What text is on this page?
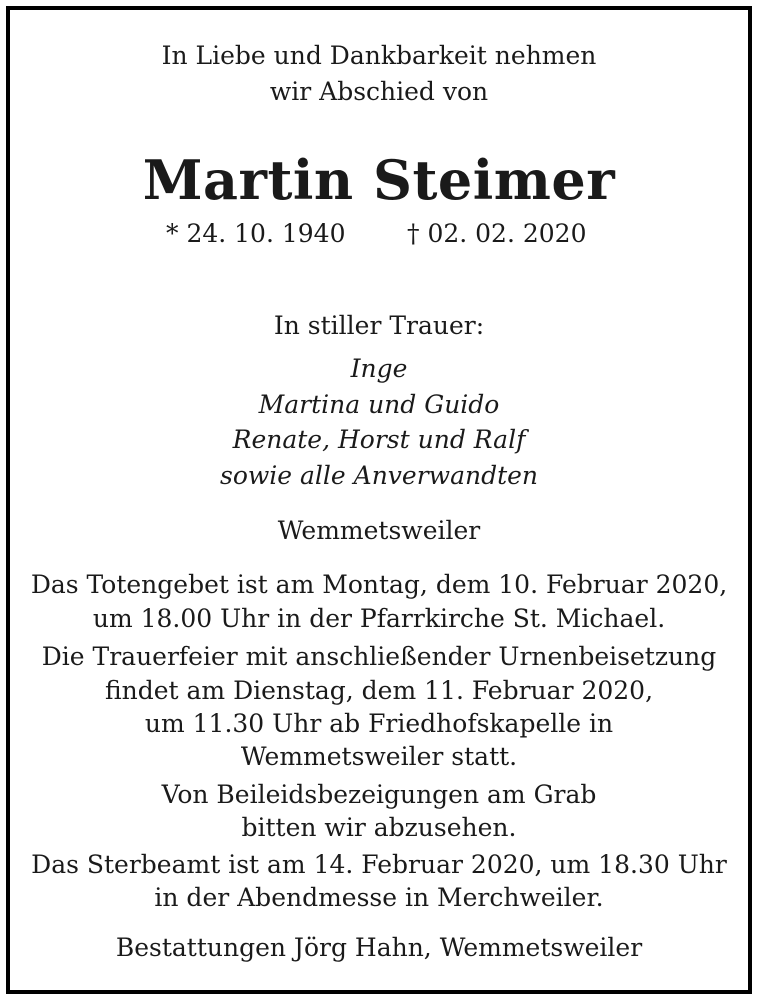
In Liebe und Dankbarkeit nehmen

wir Abschied von

Martin Steimer
* 24. 10. 1940 † 02. 02. 2020

In stiller Trauer:

Inge

Martina und Guido

Renate, Horst und Ralf

sowie alle Anverwandten

Wemmetsweiler

Das Totengebet ist am Montag, dem 10. Februar 2020,

um 18.00 Uhr in der Pfarrkirche St. Michael.

Die Trauerfeier mit anschließender Urnenbeisetzung

findet am Dienstag, dem 11. Februar 2020,

um 11.30 Uhr ab Friedhofskapelle in

Wemmetsweiler statt.

Von Beileidsbezeigungen am Grab

bitten wir abzusehen.

Das Sterbeamt ist am 14. Februar 2020, um 18.30 Uhr

in der Abendmesse in Merchweiler.

Bestattungen Jörg Hahn, Wemmetsweiler
